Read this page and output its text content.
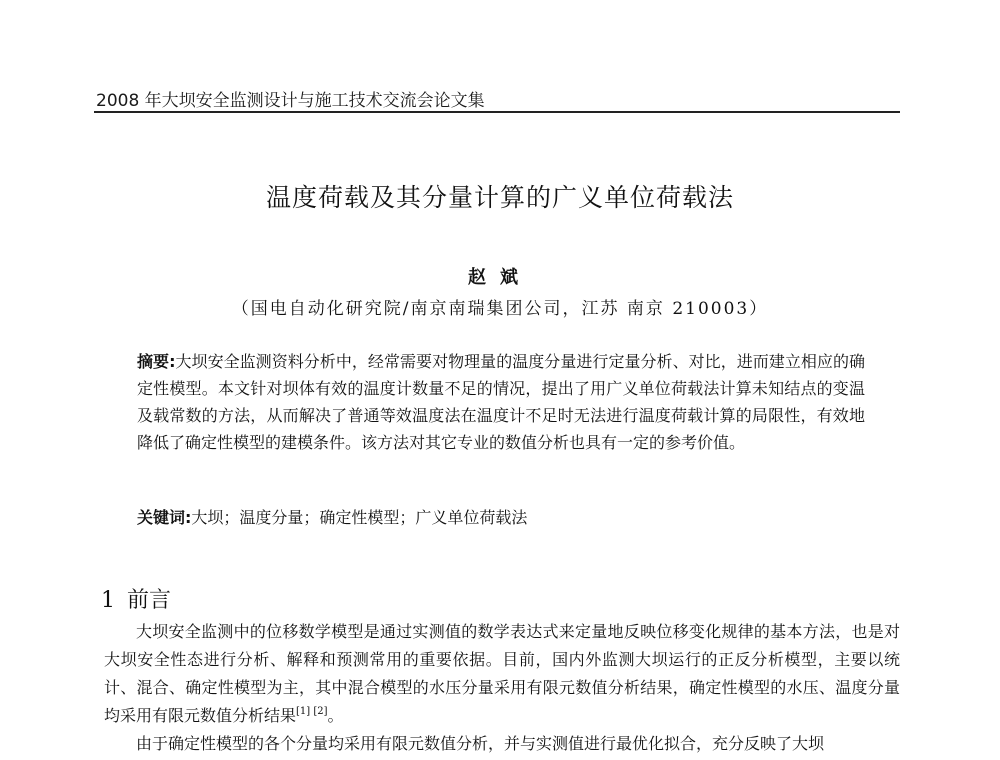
2008 年大坝安全监测设计与施工技术交流会论文集
温度荷载及其分量计算的广义单位荷载法
赵斌
（国电自动化研究院/南京南瑞集团公司，江苏 南京 210003）
摘要:大坝安全监测资料分析中，经常需要对物理量的温度分量进行定量分析、对比，进而建立相应的确定性模型。本文针对坝体有效的温度计数量不足的情况，提出了用广义单位荷载法计算未知结点的变温及载常数的方法，从而解决了普通等效温度法在温度计不足时无法进行温度荷载计算的局限性，有效地降低了确定性模型的建模条件。该方法对其它专业的数值分析也具有一定的参考价值。
关键词:大坝；温度分量；确定性模型；广义单位荷载法
1 前言

大坝安全监测中的位移数学模型是通过实测值的数学表达式来定量地反映位移变化规律的基本方法，也是对大坝安全性态进行分析、解释和预测常用的重要依据。目前，国内外监测大坝运行的正反分析模型，主要以统计、混合、确定性模型为主，其中混合模型的水压分量采用有限元数值分析结果，确定性模型的水压、温度分量均采用有限元数值分析结果[1] [2]。

由于确定性模型的各个分量均采用有限元数值分析，并与实测值进行最优化拟合，充分反映了大坝
